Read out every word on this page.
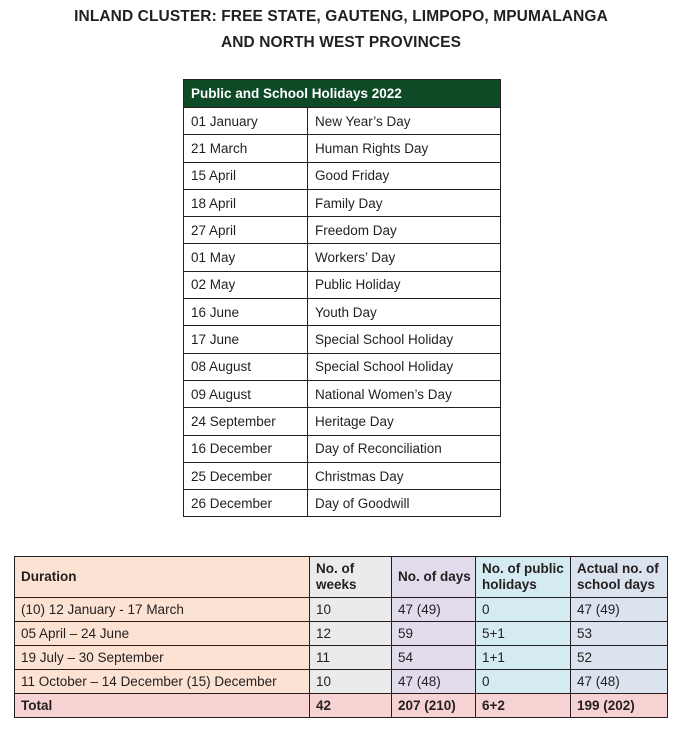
INLAND CLUSTER: FREE STATE, GAUTENG, LIMPOPO, MPUMALANGA
AND NORTH WEST PROVINCES
Public and School Holidays 2022	
01 January	New Year’s Day
21 March	Human Rights Day
15 April	Good Friday
18 April	Family Day
27 April	Freedom Day
01 May	Workers’ Day
02 May	Public Holiday
16 June	Youth Day
17 June	Special School Holiday
08 August	Special School Holiday
09 August	National Women’s Day
24 September	Heritage Day
16 December	Day of Reconciliation
25 December	Christmas Day
26 December	Day of Goodwill
Duration	No. of weeks	No. of days	No. of public holidays	Actual no. of school days
(10) 12 January - 17 March	10	47 (49)	0	47 (49)
05 April – 24 June	12	59	5+1	53
19 July – 30 September	11	54	1+1	52
11 October – 14 December (15) December	10	47 (48)	0	47 (48)
Total	42	207 (210)	6+2	199 (202)
